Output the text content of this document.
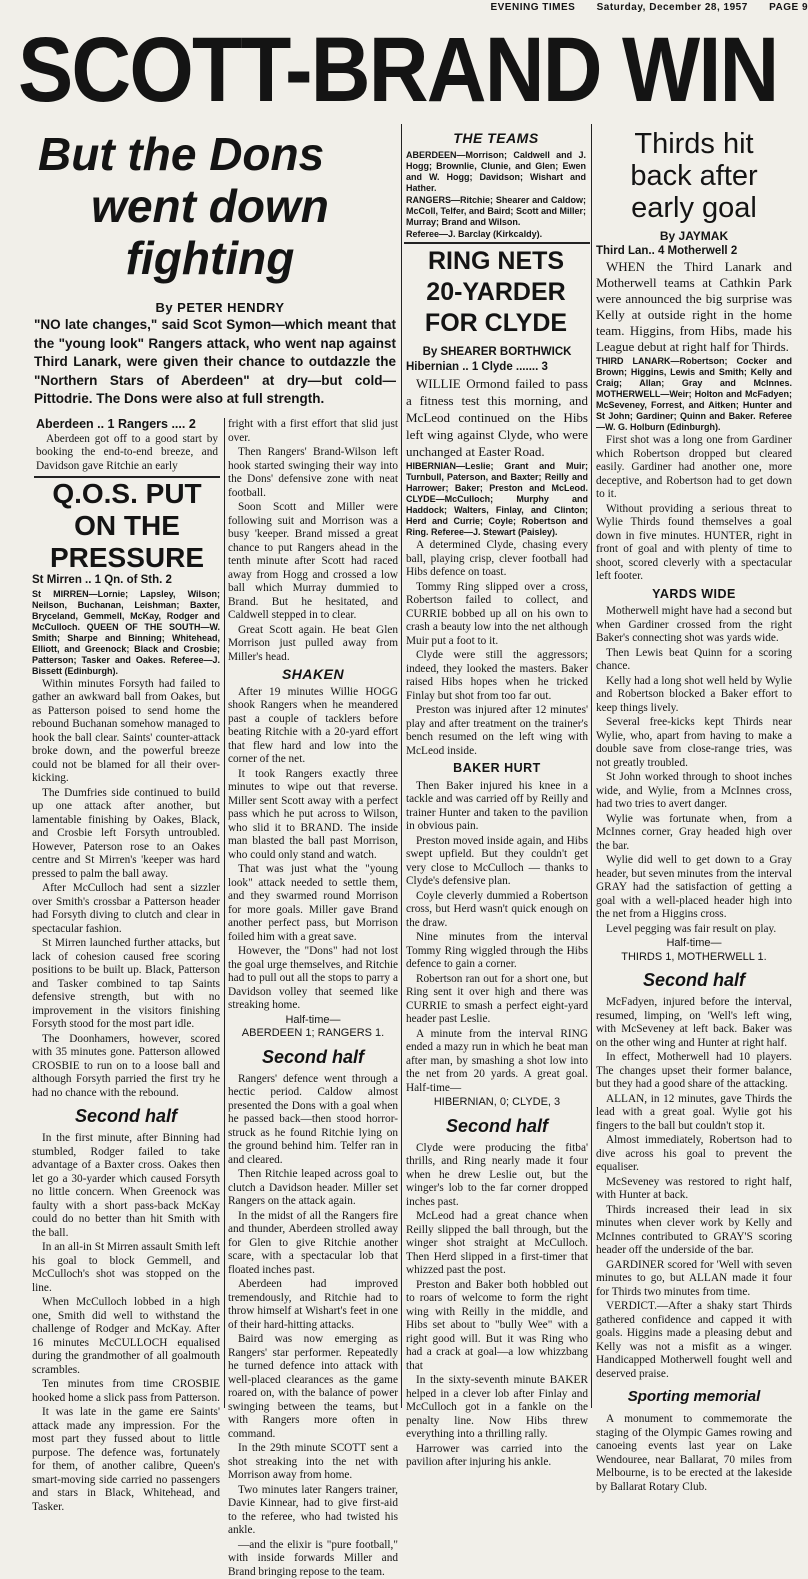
EVENING TIMES Saturday, December 28, 1957 PAGE 9
SCOTT-BRAND WIN
But the Dons
went down
fighting
By PETER HENDRY
"NO late changes," said Scot Symon—which meant that the "young look" Rangers attack, who went nap against Third Lanark, were given their chance to outdazzle the "Northern Stars of Aberdeen" at dry—but cold—Pittodrie. The Dons were also at full strength.

Aberdeen .. 1 Rangers .... 2

Aberdeen got off to a good start by booking the end-to-end breeze, and Davidson gave Ritchie an early

Q.O.S. PUT
ON THE
PRESSURE

St Mirren .. 1 Qn. of Sth. 2

St MIRREN—Lornie; Lapsley, Wilson; Neilson, Buchanan, Leishman; Baxter, Bryceland, Gemmell, McKay, Rodger and McCulloch. QUEEN OF THE SOUTH—W. Smith; Sharpe and Binning; Whitehead, Elliott, and Greenock; Black and Crosbie; Patterson; Tasker and Oakes. Referee—J. Bissett (Edinburgh).

Within minutes Forsyth had failed to gather an awkward ball from Oakes, but as Patterson poised to send home the rebound Buchanan somehow managed to hook the ball clear. Saints' counter-attack broke down, and the powerful breeze could not be blamed for all their over-kicking.

The Dumfries side continued to build up one attack after another, but lamentable finishing by Oakes, Black, and Crosbie left Forsyth untroubled. However, Paterson rose to an Oakes centre and St Mirren's 'keeper was hard pressed to palm the ball away.

After McCulloch had sent a sizzler over Smith's crossbar a Patterson header had Forsyth diving to clutch and clear in spectacular fashion.

St Mirren launched further attacks, but lack of cohesion caused free scoring positions to be built up. Black, Patterson and Tasker combined to tap Saints defensive strength, but with no improvement in the visitors finishing Forsyth stood for the most part idle.

The Doonhamers, however, scored with 35 minutes gone. Patterson allowed CROSBIE to run on to a loose ball and although Forsyth parried the first try he had no chance with the rebound.

Second half

In the first minute, after Binning had stumbled, Rodger failed to take advantage of a Baxter cross. Oakes then let go a 30-yarder which caused Forsyth no little concern. When Greenock was faulty with a short pass-back McKay could do no better than hit Smith with the ball.

In an all-in St Mirren assault Smith left his goal to block Gemmell, and McCulloch's shot was stopped on the line.

When McCulloch lobbed in a high one, Smith did well to withstand the challenge of Rodger and McKay. After 16 minutes McCULLOCH equalised during the grandmother of all goalmouth scrambles.

Ten minutes from time CROSBIE hooked home a slick pass from Patterson.

It was late in the game ere Saints' attack made any impression. For the most part they fussed about to little purpose. The defence was, fortunately for them, of another calibre, Queen's smart-moving side carried no passengers and stars in Black, Whitehead, and Tasker.

fright with a first effort that slid just over.

Then Rangers' Brand-Wilson left hook started swinging their way into the Dons' defensive zone with neat football.

Soon Scott and Miller were following suit and Morrison was a busy 'keeper. Brand missed a great chance to put Rangers ahead in the tenth minute after Scott had raced away from Hogg and crossed a low ball which Murray dummied to Brand. But he hesitated, and Caldwell stepped in to clear.

Great Scott again. He beat Glen Morrison just pulled away from Miller's head.

SHAKEN

After 19 minutes Willie HOGG shook Rangers when he meandered past a couple of tacklers before beating Ritchie with a 20-yard effort that flew hard and low into the corner of the net.

It took Rangers exactly three minutes to wipe out that reverse. Miller sent Scott away with a perfect pass which he put across to Wilson, who slid it to BRAND. The inside man blasted the ball past Morrison, who could only stand and watch.

That was just what the "young look" attack needed to settle them, and they swarmed round Morrison for more goals. Miller gave Brand another perfect pass, but Morrison foiled him with a great save.

However, the "Dons" had not lost the goal urge themselves, and Ritchie had to pull out all the stops to parry a Davidson volley that seemed like streaking home.

Half-time—
ABERDEEN 1; RANGERS 1.

Second half

Rangers' defence went through a hectic period. Caldow almost presented the Dons with a goal when he passed back—then stood horror-struck as he found Ritchie lying on the ground behind him. Telfer ran in and cleared.

Then Ritchie leaped across goal to clutch a Davidson header. Miller set Rangers on the attack again.

In the midst of all the Rangers fire and thunder, Aberdeen strolled away for Glen to give Ritchie another scare, with a spectacular lob that floated inches past.

Aberdeen had improved tremendously, and Ritchie had to throw himself at Wishart's feet in one of their hard-hitting attacks.

Baird was now emerging as Rangers' star performer. Repeatedly he turned defence into attack with well-placed clearances as the game roared on, with the balance of power swinging between the teams, but with Rangers more often in command.

In the 29th minute SCOTT sent a shot streaking into the net with Morrison away from home.

Two minutes later Rangers trainer, Davie Kinnear, had to give first-aid to the referee, who had twisted his ankle.

—and the elixir is "pure football," with inside forwards Miller and Brand bringing repose to the team.

THE TEAMS

ABERDEEN—Morrison; Caldwell and J. Hogg; Brownlie, Clunie, and Glen; Ewen and W. Hogg; Davidson; Wishart and Hather.

RANGERS—Ritchie; Shearer and Caldow; McColl, Telfer, and Baird; Scott and Miller; Murray; Brand and Wilson.

Referee—J. Barclay (Kirkcaldy).

RING NETS
20-YARDER
FOR CLYDE

By SHEARER BORTHWICK

Hibernian .. 1 Clyde ....... 3

WILLIE Ormond failed to pass a fitness test this morning, and McLeod continued on the Hibs left wing against Clyde, who were unchanged at Easter Road.

HIBERNIAN—Leslie; Grant and Muir; Turnbull, Paterson, and Baxter; Reilly and Harrower; Baker; Preston and McLeod. CLYDE—McCulloch; Murphy and Haddock; Walters, Finlay, and Clinton; Herd and Currie; Coyle; Robertson and Ring. Referee—J. Stewart (Paisley).

A determined Clyde, chasing every ball, playing crisp, clever football had Hibs defence on toast.

Tommy Ring slipped over a cross, Robertson failed to collect, and CURRIE bobbed up all on his own to crash a beauty low into the net although Muir put a foot to it.

Clyde were still the aggressors; indeed, they looked the masters. Baker raised Hibs hopes when he tricked Finlay but shot from too far out.

Preston was injured after 12 minutes' play and after treatment on the trainer's bench resumed on the left wing with McLeod inside.

BAKER HURT

Then Baker injured his knee in a tackle and was carried off by Reilly and trainer Hunter and taken to the pavilion in obvious pain.

Preston moved inside again, and Hibs swept upfield. But they couldn't get very close to McCulloch — thanks to Clyde's defensive plan.

Coyle cleverly dummied a Robertson cross, but Herd wasn't quick enough on the draw.

Nine minutes from the interval Tommy Ring wiggled through the Hibs defence to gain a corner.

Robertson ran out for a short one, but Ring sent it over high and there was CURRIE to smash a perfect eight-yard header past Leslie.

A minute from the interval RING ended a mazy run in which he beat man after man, by smashing a shot low into the net from 20 yards. A great goal. Half-time—

HIBERNIAN, 0; CLYDE, 3

Second half

Clyde were producing the fitba' thrills, and Ring nearly made it four when he drew Leslie out, but the winger's lob to the far corner dropped inches past.

McLeod had a great chance when Reilly slipped the ball through, but the winger shot straight at McCulloch. Then Herd slipped in a first-timer that whizzed past the post.

Preston and Baker both hobbled out to roars of welcome to form the right wing with Reilly in the middle, and Hibs set about to "bully Wee" with a right good will. But it was Ring who had a crack at goal—a low whizzbang that

In the sixty-seventh minute BAKER helped in a clever lob after Finlay and McCulloch got in a fankle on the penalty line. Now Hibs threw everything into a thrilling rally.

Harrower was carried into the pavilion after injuring his ankle.

Thirds hit
back after
early goal

By JAYMAK

Third Lan.. 4 Motherwell 2

WHEN the Third Lanark and Motherwell teams at Cathkin Park were announced the big surprise was Kelly at outside right in the home team. Higgins, from Hibs, made his League debut at right half for Thirds.

THIRD LANARK—Robertson; Cocker and Brown; Higgins, Lewis and Smith; Kelly and Craig; Allan; Gray and McInnes. MOTHERWELL—Weir; Holton and McFadyen; McSeveney, Forrest, and Aitken; Hunter and St John; Gardiner; Quinn and Baker. Referee—W. G. Holburn (Edinburgh).

First shot was a long one from Gardiner which Robertson dropped but cleared easily. Gardiner had another one, more deceptive, and Robertson had to get down to it.

Without providing a serious threat to Wylie Thirds found themselves a goal down in five minutes. HUNTER, right in front of goal and with plenty of time to shoot, scored cleverly with a spectacular left footer.

YARDS WIDE

Motherwell might have had a second but when Gardiner crossed from the right Baker's connecting shot was yards wide.

Then Lewis beat Quinn for a scoring chance.

Kelly had a long shot well held by Wylie and Robertson blocked a Baker effort to keep things lively.

Several free-kicks kept Thirds near Wylie, who, apart from having to make a double save from close-range tries, was not greatly troubled.

St John worked through to shoot inches wide, and Wylie, from a McInnes cross, had two tries to avert danger.

Wylie was fortunate when, from a McInnes corner, Gray headed high over the bar.

Wylie did well to get down to a Gray header, but seven minutes from the interval GRAY had the satisfaction of getting a goal with a well-placed header high into the net from a Higgins cross.

Level pegging was fair result on play.

Half-time—
THIRDS 1, MOTHERWELL 1.

Second half

McFadyen, injured before the interval, resumed, limping, on 'Well's left wing, with McSeveney at left back. Baker was on the other wing and Hunter at right half.

In effect, Motherwell had 10 players. The changes upset their former balance, but they had a good share of the attacking.

ALLAN, in 12 minutes, gave Thirds the lead with a great goal. Wylie got his fingers to the ball but couldn't stop it.

Almost immediately, Robertson had to dive across his goal to prevent the equaliser.

McSeveney was restored to right half, with Hunter at back.

Thirds increased their lead in six minutes when clever work by Kelly and McInnes contributed to GRAY'S scoring header off the underside of the bar.

GARDINER scored for 'Well with seven minutes to go, but ALLAN made it four for Thirds two minutes from time.

VERDICT.—After a shaky start Thirds gathered confidence and capped it with goals. Higgins made a pleasing debut and Kelly was not a misfit as a winger. Handicapped Motherwell fought well and deserved praise.

Sporting memorial

A monument to commemorate the staging of the Olympic Games rowing and canoeing events last year on Lake Wendouree, near Ballarat, 70 miles from Melbourne, is to be erected at the lakeside by Ballarat Rotary Club.
